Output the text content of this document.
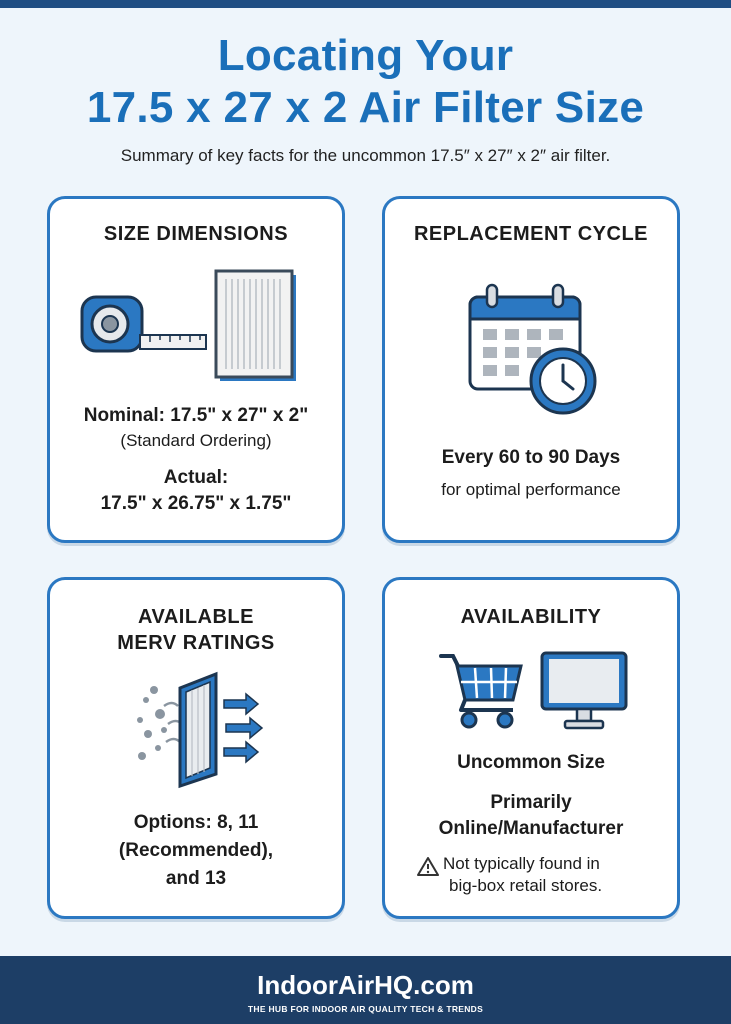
Locating Your
17.5 x 27 x 2 Air Filter Size
Summary of key facts for the uncommon 17.5″ x 27″ x 2″ air filter.
SIZE DIMENSIONS
Nominal: 17.5" x 27" x 2"
(Standard Ordering)
Actual:
17.5" x 26.75" x 1.75"
REPLACEMENT CYCLE
Every 60 to 90 Days
for optimal performance
AVAILABLE
MERV RATINGS
Options: 8, 11
(Recommended),
and 13
AVAILABILITY
Uncommon Size
Primarily
Online/Manufacturer
Not typically found in
big-box retail stores.
IndoorAirHQ.com
THE HUB FOR INDOOR AIR QUALITY TECH & TRENDS
